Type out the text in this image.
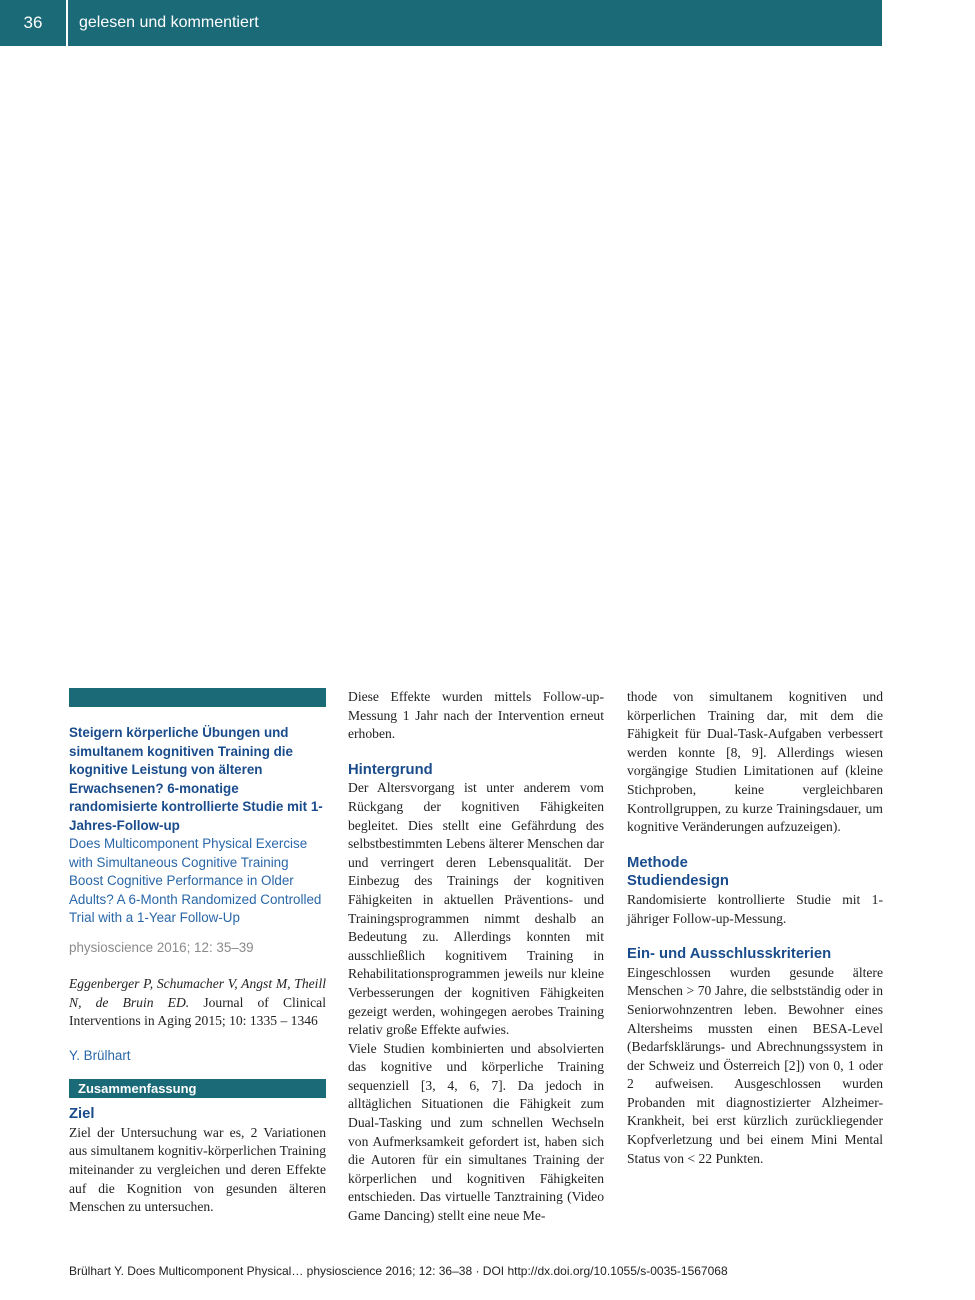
36	gelesen und kommentiert
Steigern körperliche Übungen und simultanem kognitiven Training die kognitive Leistung von älteren Erwachsenen? 6-monatige randomisierte kontrollierte Studie mit 1-Jahres-Follow-up
Does Multicomponent Physical Exercise with Simultaneous Cognitive Training Boost Cognitive Performance in Older Adults? A 6-Month Randomized Controlled Trial with a 1-Year Follow-Up
physioscience 2016; 12: 35–39
Eggenberger P, Schumacher V, Angst M, Theill N, de Bruin ED. Journal of Clinical Interventions in Aging 2015; 10: 1335 – 1346
Y. Brülhart
Zusammenfassung
Ziel

Ziel der Untersuchung war es, 2 Variationen aus simultanem kognitiv-körperlichen Training miteinander zu vergleichen und deren Effekte auf die Kognition von gesunden älteren Menschen zu untersuchen.

Diese Effekte wurden mittels Follow-up-Messung 1 Jahr nach der Intervention erneut erhoben.

Hintergrund

Der Altersvorgang ist unter anderem vom Rückgang der kognitiven Fähigkeiten begleitet. Dies stellt eine Gefährdung des selbstbestimmten Lebens älterer Menschen dar und verringert deren Lebensqualität. Der Einbezug des Trainings der kognitiven Fähigkeiten in aktuellen Präventions- und Trainingsprogrammen nimmt deshalb an Bedeutung zu. Allerdings konnten mit ausschließlich kognitivem Training in Rehabilitationsprogrammen jeweils nur kleine Verbesserungen der kognitiven Fähigkeiten gezeigt werden, wohingegen aerobes Training relativ große Effekte aufwies.

Viele Studien kombinierten und absolvierten das kognitive und körperliche Training sequenziell [3, 4, 6, 7]. Da jedoch in alltäglichen Situationen die Fähigkeit zum Dual-Tasking und zum schnellen Wechseln von Aufmerksamkeit gefordert ist, haben sich die Autoren für ein simultanes Training der körperlichen und kognitiven Fähigkeiten entschieden. Das virtuelle Tanztraining (Video Game Dancing) stellt eine neue Me-

thode von simultanem kognitiven und körperlichen Training dar, mit dem die Fähigkeit für Dual-Task-Aufgaben verbessert werden konnte [8, 9]. Allerdings wiesen vorgängige Studien Limitationen auf (kleine Stichproben, keine vergleichbaren Kontrollgruppen, zu kurze Trainingsdauer, um kognitive Veränderungen aufzuzeigen).

Methode
Studiendesign

Randomisierte kontrollierte Studie mit 1-jähriger Follow-up-Messung.

Ein- und Ausschlusskriterien

Eingeschlossen wurden gesunde ältere Menschen > 70 Jahre, die selbstständig oder in Seniorwohnzentren leben. Bewohner eines Altersheims mussten einen BESA-Level (Bedarfsklärungs- und Abrechnungssystem in der Schweiz und Österreich [2]) von 0, 1 oder 2 aufweisen. Ausgeschlossen wurden Probanden mit diagnostizierter Alzheimer-Krankheit, bei erst kürzlich zurückliegender Kopfverletzung und bei einem Mini Mental Status von < 22 Punkten.

Brülhart Y. Does Multicomponent Physical… physioscience 2016; 12: 36–38 · DOI http://dx.doi.org/10.1055/s-0035-1567068
